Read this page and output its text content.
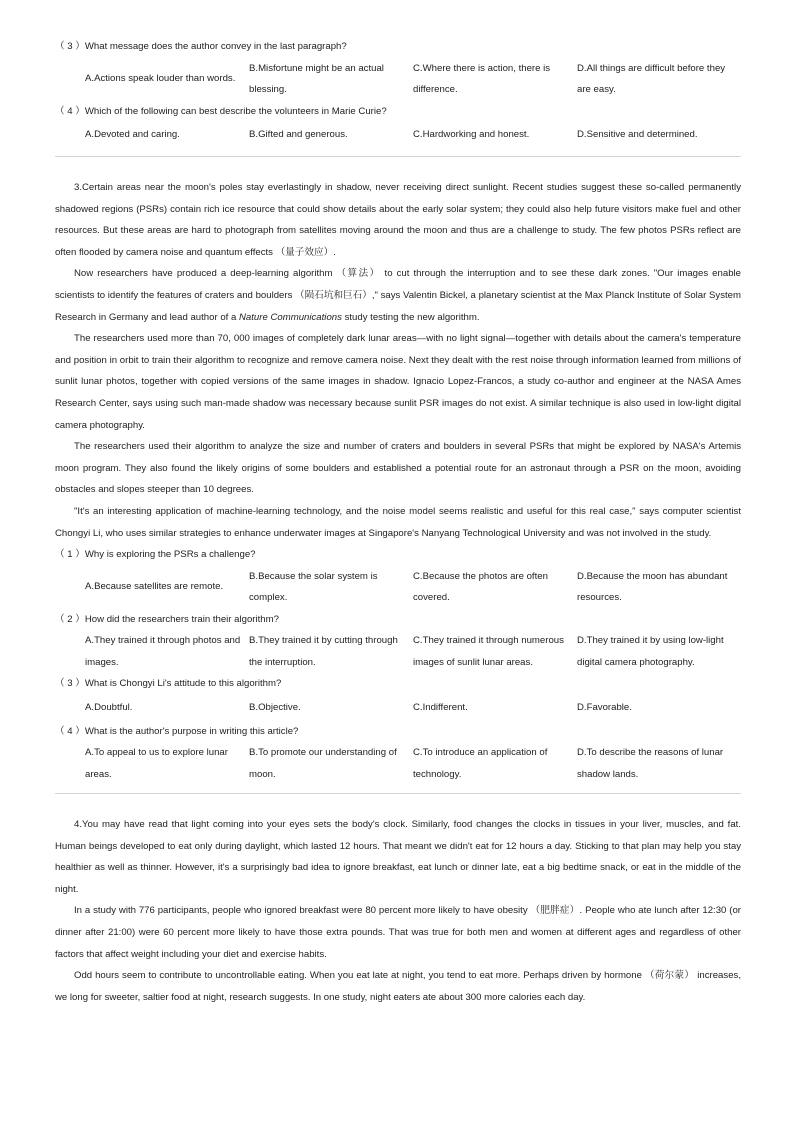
（ 3 ）What message does the author convey in the last paragraph?

A.Actions speak louder than words.
B.Misfortune might be an actual blessing.
C.Where there is action, there is difference.
D.All things are difficult before they are easy.

（ 4 ）Which of the following can best describe the volunteers in Marie Curie?

A.Devoted and caring.	B.Gifted and generous.	C.Hardworking and honest.	D.Sensitive and determined.

3.Certain areas near the moon's poles stay everlastingly in shadow, never receiving direct sunlight. Recent studies suggest these so-called permanently shadowed regions (PSRs) contain rich ice resource that could show details about the early solar system; they could also help future visitors make fuel and other resources. But these areas are hard to photograph from satellites moving around the moon and thus are a challenge to study. The few photos PSRs reflect are often flooded by camera noise and quantum effects （量子效应）.

Now researchers have produced a deep-learning algorithm （算法） to cut through the interruption and to see these dark zones. "Our images enable scientists to identify the features of craters and boulders （陨石坑和巨石）," says Valentin Bickel, a planetary scientist at the Max Planck Institute of Solar System Research in Germany and lead author of a Nature Communications study testing the new algorithm.

The researchers used more than 70, 000 images of completely dark lunar areas—with no light signal—together with details about the camera's temperature and position in orbit to train their algorithm to recognize and remove camera noise. Next they dealt with the rest noise through information learned from millions of sunlit lunar photos, together with copied versions of the same images in shadow. Ignacio Lopez-Francos, a study co-author and engineer at the NASA Ames Research Center, says using such man-made shadow was necessary because sunlit PSR images do not exist. A similar technique is also used in low-light digital camera photography.

The researchers used their algorithm to analyze the size and number of craters and boulders in several PSRs that might be explored by NASA's Artemis moon program. They also found the likely origins of some boulders and established a potential route for an astronaut through a PSR on the moon, avoiding obstacles and slopes steeper than 10 degrees.

"It's an interesting application of machine-learning technology, and the noise model seems realistic and useful for this real case," says computer scientist Chongyi Li, who uses similar strategies to enhance underwater images at Singapore's Nanyang Technological University and was not involved in the study.

（ 1 ）Why is exploring the PSRs a challenge?

A.Because satellites are remote.
B.Because the solar system is complex.
C.Because the photos are often covered.
D.Because the moon has abundant resources.

（ 2 ）How did the researchers train their algorithm?

A.They trained it through photos and images.
B.They trained it by cutting through the interruption.
C.They trained it through numerous images of sunlit lunar areas.
D.They trained it by using low-light digital camera photography.

（ 3 ）What is Chongyi Li's attitude to this algorithm?

A.Doubtful.	B.Objective.	C.Indifferent.	D.Favorable.

（ 4 ）What is the author's purpose in writing this article?

A.To appeal to us to explore lunar areas.
B.To promote our understanding of moon.
C.To introduce an application of technology.
D.To describe the reasons of lunar shadow lands.

4.You may have read that light coming into your eyes sets the body's clock. Similarly, food changes the clocks in tissues in your liver, muscles, and fat. Human beings developed to eat only during daylight, which lasted 12 hours. That meant we didn't eat for 12 hours a day. Sticking to that plan may help you stay healthier as well as thinner. However, it's a surprisingly bad idea to ignore breakfast, eat lunch or dinner late, eat a big bedtime snack, or eat in the middle of the night.

In a study with 776 participants, people who ignored breakfast were 80 percent more likely to have obesity （肥胖症）. People who ate lunch after 12:30 (or dinner after 21:00) were 60 percent more likely to have those extra pounds. That was true for both men and women at different ages and regardless of other factors that affect weight including your diet and exercise habits.

Odd hours seem to contribute to uncontrollable eating. When you eat late at night, you tend to eat more. Perhaps driven by hormone （荷尔蒙） increases, we long for sweeter, saltier food at night, research suggests. In one study, night eaters ate about 300 more calories each day.
